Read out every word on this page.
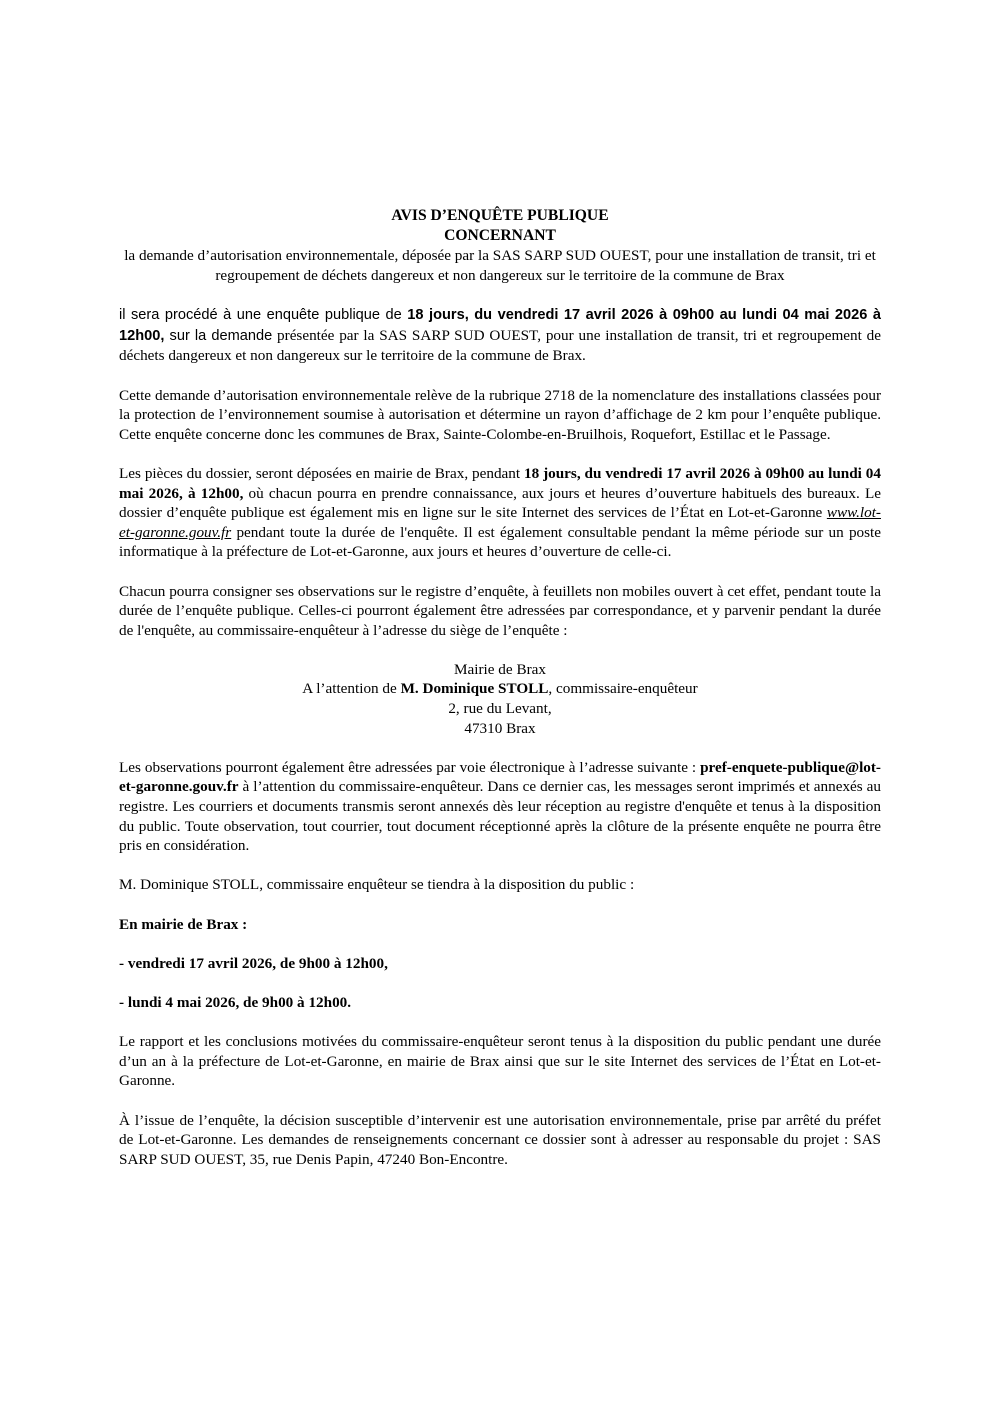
AVIS D’ENQUÊTE PUBLIQUE
CONCERNANT

la demande d’autorisation environnementale, déposée par la SAS SARP SUD OUEST, pour une installation de transit, tri et regroupement de déchets dangereux et non dangereux sur le territoire de la commune de Brax

il sera procédé à une enquête publique de 18 jours, du vendredi 17 avril 2026 à 09h00 au lundi 04 mai 2026 à 12h00, sur la demande présentée par la SAS SARP SUD OUEST, pour une installation de transit, tri et regroupement de déchets dangereux et non dangereux sur le territoire de la commune de Brax.

Cette demande d’autorisation environnementale relève de la rubrique 2718 de la nomenclature des installations classées pour la protection de l’environnement soumise à autorisation et détermine un rayon d’affichage de 2 km pour l’enquête publique. Cette enquête concerne donc les communes de Brax, Sainte-Colombe-en-Bruilhois, Roquefort, Estillac et le Passage.

Les pièces du dossier, seront déposées en mairie de Brax, pendant 18 jours, du vendredi 17 avril 2026 à 09h00 au lundi 04 mai 2026, à 12h00, où chacun pourra en prendre connaissance, aux jours et heures d’ouverture habituels des bureaux. Le dossier d’enquête publique est également mis en ligne sur le site Internet des services de l’État en Lot-et-Garonne www.lot-et-garonne.gouv.fr pendant toute la durée de l'enquête. Il est également consultable pendant la même période sur un poste informatique à la préfecture de Lot-et-Garonne, aux jours et heures d’ouverture de celle-ci.

Chacun pourra consigner ses observations sur le registre d’enquête, à feuillets non mobiles ouvert à cet effet, pendant toute la durée de l’enquête publique. Celles-ci pourront également être adressées par correspondance, et y parvenir pendant la durée de l'enquête, au commissaire-enquêteur à l’adresse du siège de l’enquête :

Mairie de Brax
A l’attention de M. Dominique STOLL, commissaire-enquêteur
2, rue du Levant,
47310 Brax

Les observations pourront également être adressées par voie électronique à l’adresse suivante : pref-enquete-publique@lot-et-garonne.gouv.fr à l’attention du commissaire-enquêteur. Dans ce dernier cas, les messages seront imprimés et annexés au registre. Les courriers et documents transmis seront annexés dès leur réception au registre d'enquête et tenus à la disposition du public. Toute observation, tout courrier, tout document réceptionné après la clôture de la présente enquête ne pourra être pris en considération.

M. Dominique STOLL, commissaire enquêteur se tiendra à la disposition du public :

En mairie de Brax :

- vendredi 17 avril 2026, de 9h00 à 12h00,

- lundi 4 mai 2026, de 9h00 à 12h00.

Le rapport et les conclusions motivées du commissaire-enquêteur seront tenus à la disposition du public pendant une durée d’un an à la préfecture de Lot-et-Garonne, en mairie de Brax ainsi que sur le site Internet des services de l’État en Lot-et-Garonne.

À l’issue de l’enquête, la décision susceptible d’intervenir est une autorisation environnementale, prise par arrêté du préfet de Lot-et-Garonne. Les demandes de renseignements concernant ce dossier sont à adresser au responsable du projet : SAS SARP SUD OUEST, 35, rue Denis Papin, 47240 Bon-Encontre.
